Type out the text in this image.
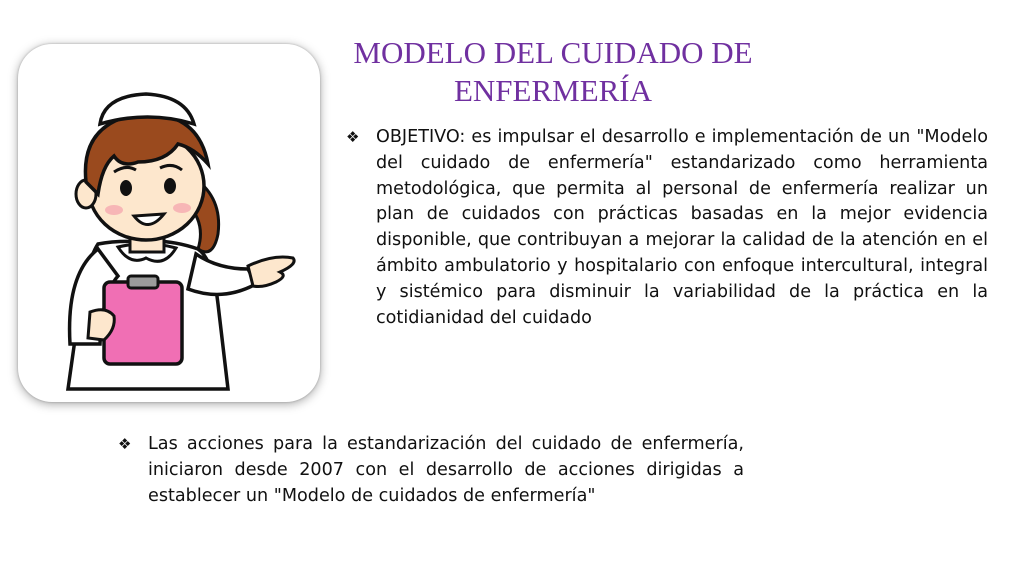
MODELO DEL CUIDADO DE
ENFERMERÍA
❖ OBJETIVO: es impulsar el desarrollo e implementación de un "Modelo del cuidado de enfermería" estandarizado como herramienta metodológica, que permita al personal de enfermería realizar un plan de cuidados con prácticas basadas en la mejor evidencia disponible, que contribuyan a mejorar la calidad de la atención en el ámbito ambulatorio y hospitalario con enfoque intercultural, integral y sistémico para disminuir la variabilidad de la práctica en la cotidianidad del cuidado
❖ Las acciones para la estandarización del cuidado de enfermería, iniciaron desde 2007 con el desarrollo de acciones dirigidas a establecer un "Modelo de cuidados de enfermería"
